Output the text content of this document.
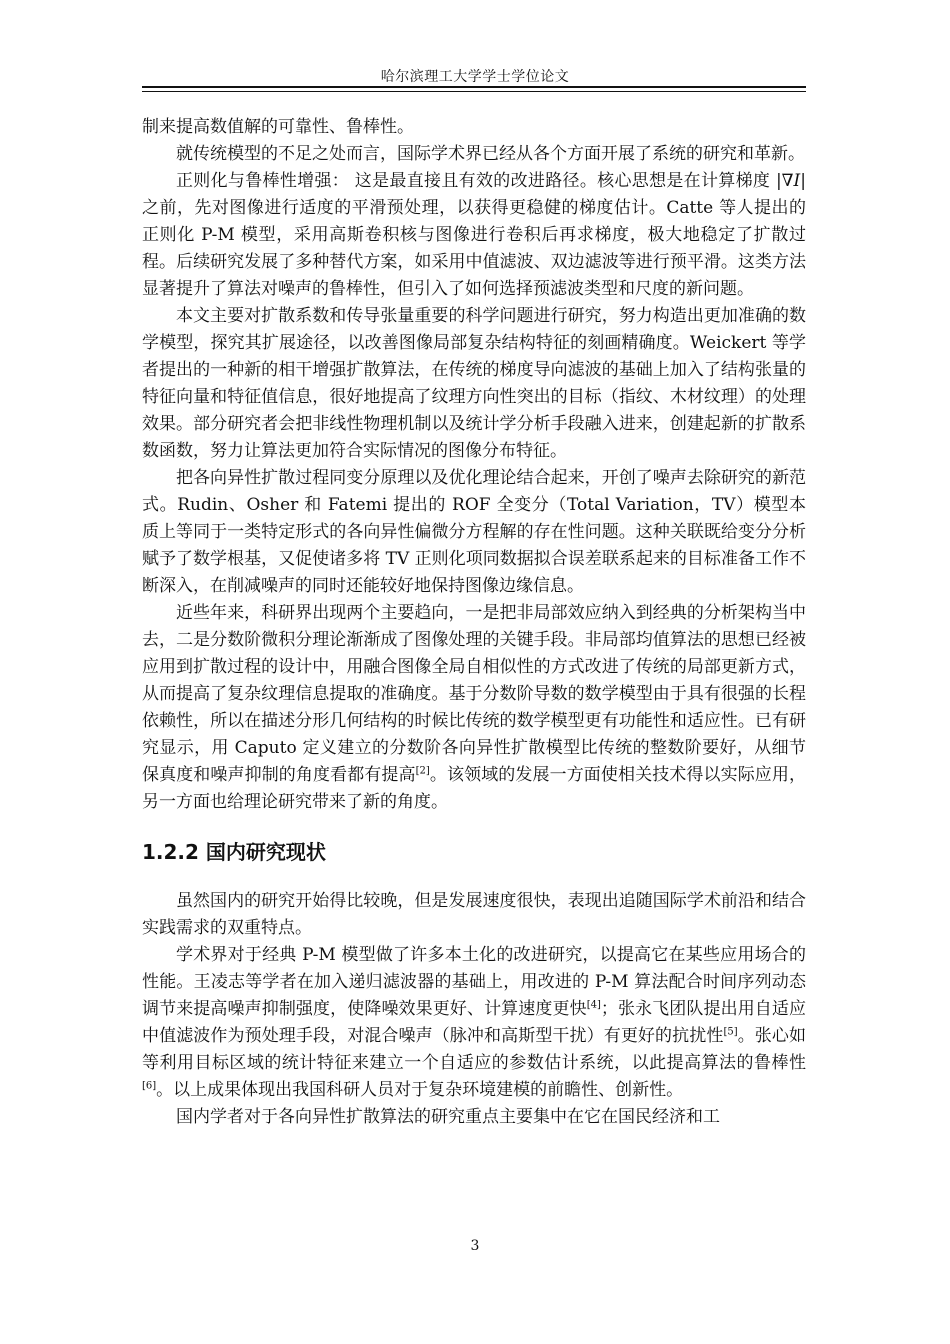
哈尔滨理工大学学士学位论文

制来提高数值解的可靠性、鲁棒性。

就传统模型的不足之处而言，国际学术界已经从各个方面开展了系统的研究和革新。

正则化与鲁棒性增强： 这是最直接且有效的改进路径。核心思想是在计算梯度 |∇I|之前，先对图像进行适度的平滑预处理，以获得更稳健的梯度估计。Catte 等人提出的正则化 P-M 模型，采用高斯卷积核与图像进行卷积后再求梯度，极大地稳定了扩散过程。后续研究发展了多种替代方案，如采用中值滤波、双边滤波等进行预平滑。这类方法显著提升了算法对噪声的鲁棒性，但引入了如何选择预滤波类型和尺度的新问题。

本文主要对扩散系数和传导张量重要的科学问题进行研究，努力构造出更加准确的数学模型，探究其扩展途径，以改善图像局部复杂结构特征的刻画精确度。Weickert 等学者提出的一种新的相干增强扩散算法，在传统的梯度导向滤波的基础上加入了结构张量的特征向量和特征值信息，很好地提高了纹理方向性突出的目标（指纹、木材纹理）的处理效果。部分研究者会把非线性物理机制以及统计学分析手段融入进来，创建起新的扩散系数函数，努力让算法更加符合实际情况的图像分布特征。

把各向异性扩散过程同变分原理以及优化理论结合起来，开创了噪声去除研究的新范式。Rudin、Osher 和 Fatemi 提出的 ROF 全变分（Total Variation，TV）模型本质上等同于一类特定形式的各向异性偏微分方程解的存在性问题。这种关联既给变分分析赋予了数学根基，又促使诸多将 TV 正则化项同数据拟合误差联系起来的目标准备工作不断深入，在削减噪声的同时还能较好地保持图像边缘信息。

近些年来，科研界出现两个主要趋向，一是把非局部效应纳入到经典的分析架构当中去，二是分数阶微积分理论渐渐成了图像处理的关键手段。非局部均值算法的思想已经被应用到扩散过程的设计中，用融合图像全局自相似性的方式改进了传统的局部更新方式，从而提高了复杂纹理信息提取的准确度。基于分数阶导数的数学模型由于具有很强的长程依赖性，所以在描述分形几何结构的时候比传统的数学模型更有功能性和适应性。已有研究显示，用 Caputo 定义建立的分数阶各向异性扩散模型比传统的整数阶要好，从细节保真度和噪声抑制的角度看都有提高[2]。该领域的发展一方面使相关技术得以实际应用，另一方面也给理论研究带来了新的角度。

1.2.2 国内研究现状

虽然国内的研究开始得比较晚，但是发展速度很快，表现出追随国际学术前沿和结合实践需求的双重特点。

学术界对于经典 P-M 模型做了许多本土化的改进研究，以提高它在某些应用场合的性能。王凌志等学者在加入递归滤波器的基础上，用改进的 P-M 算法配合时间序列动态调节来提高噪声抑制强度，使降噪效果更好、计算速度更快[4]；张永飞团队提出用自适应中值滤波作为预处理手段，对混合噪声（脉冲和高斯型干扰）有更好的抗扰性[5]。张心如等利用目标区域的统计特征来建立一个自适应的参数估计系统，以此提高算法的鲁棒性[6]。以上成果体现出我国科研人员对于复杂环境建模的前瞻性、创新性。

国内学者对于各向异性扩散算法的研究重点主要集中在它在国民经济和工

3
